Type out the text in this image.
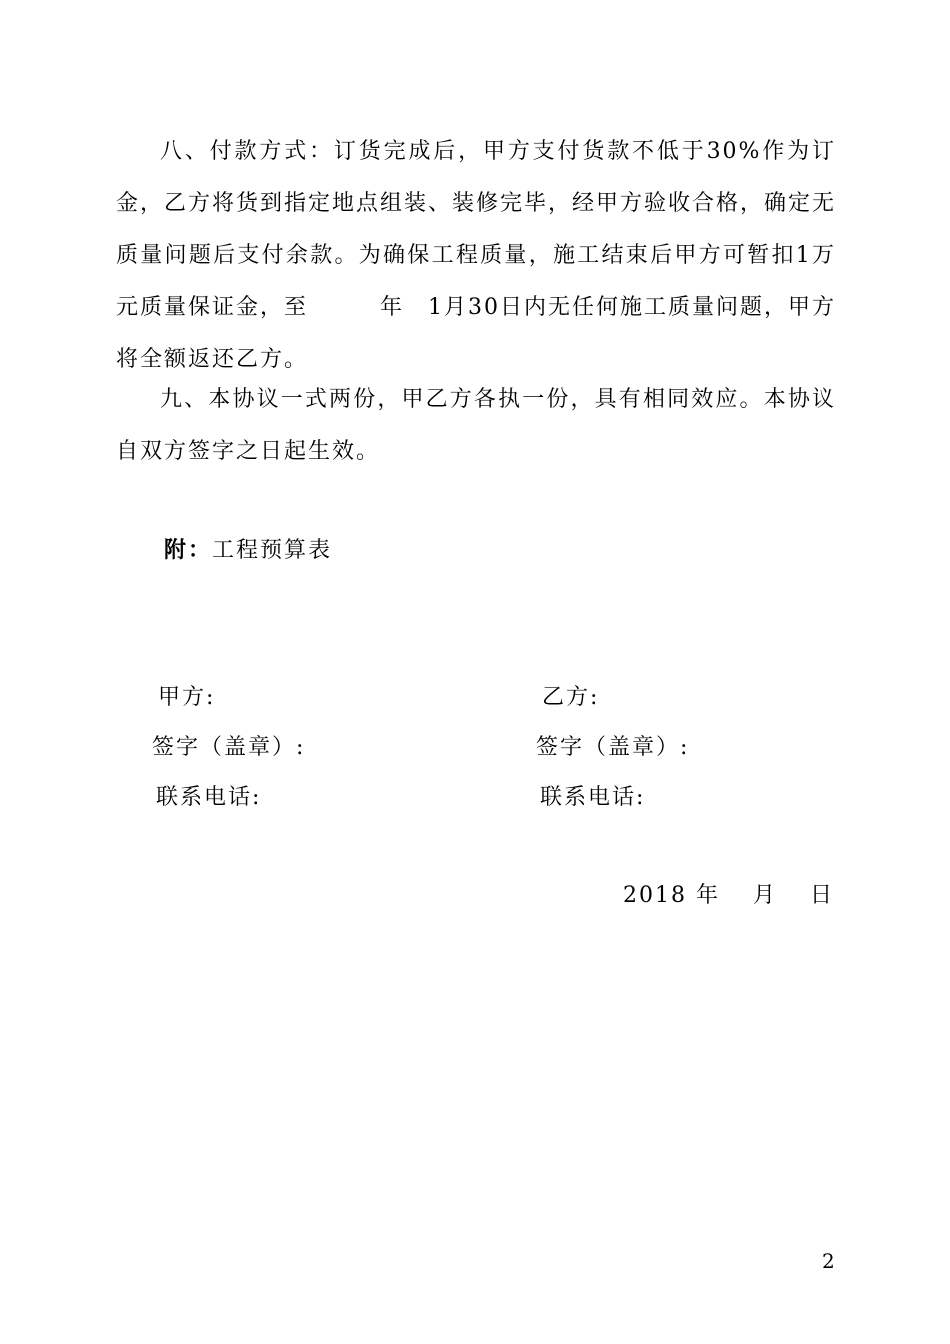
八、付款方式：订货完成后，甲方支付货款不低于30%作为订金，乙方将货到指定地点组装、装修完毕，经甲方验收合格，确定无质量问题后支付余款。为确保工程质量，施工结束后甲方可暂扣1万元质量保证金，至　　　年　1月30日内无任何施工质量问题，甲方将全额返还乙方。

九、本协议一式两份，甲乙方各执一份，具有相同效应。本协议自双方签字之日起生效。

附：工程预算表
甲方:
签字（盖章）:
联系电话:
乙方:
签字（盖章）:
联系电话:
2018 年　 月　 日
2
